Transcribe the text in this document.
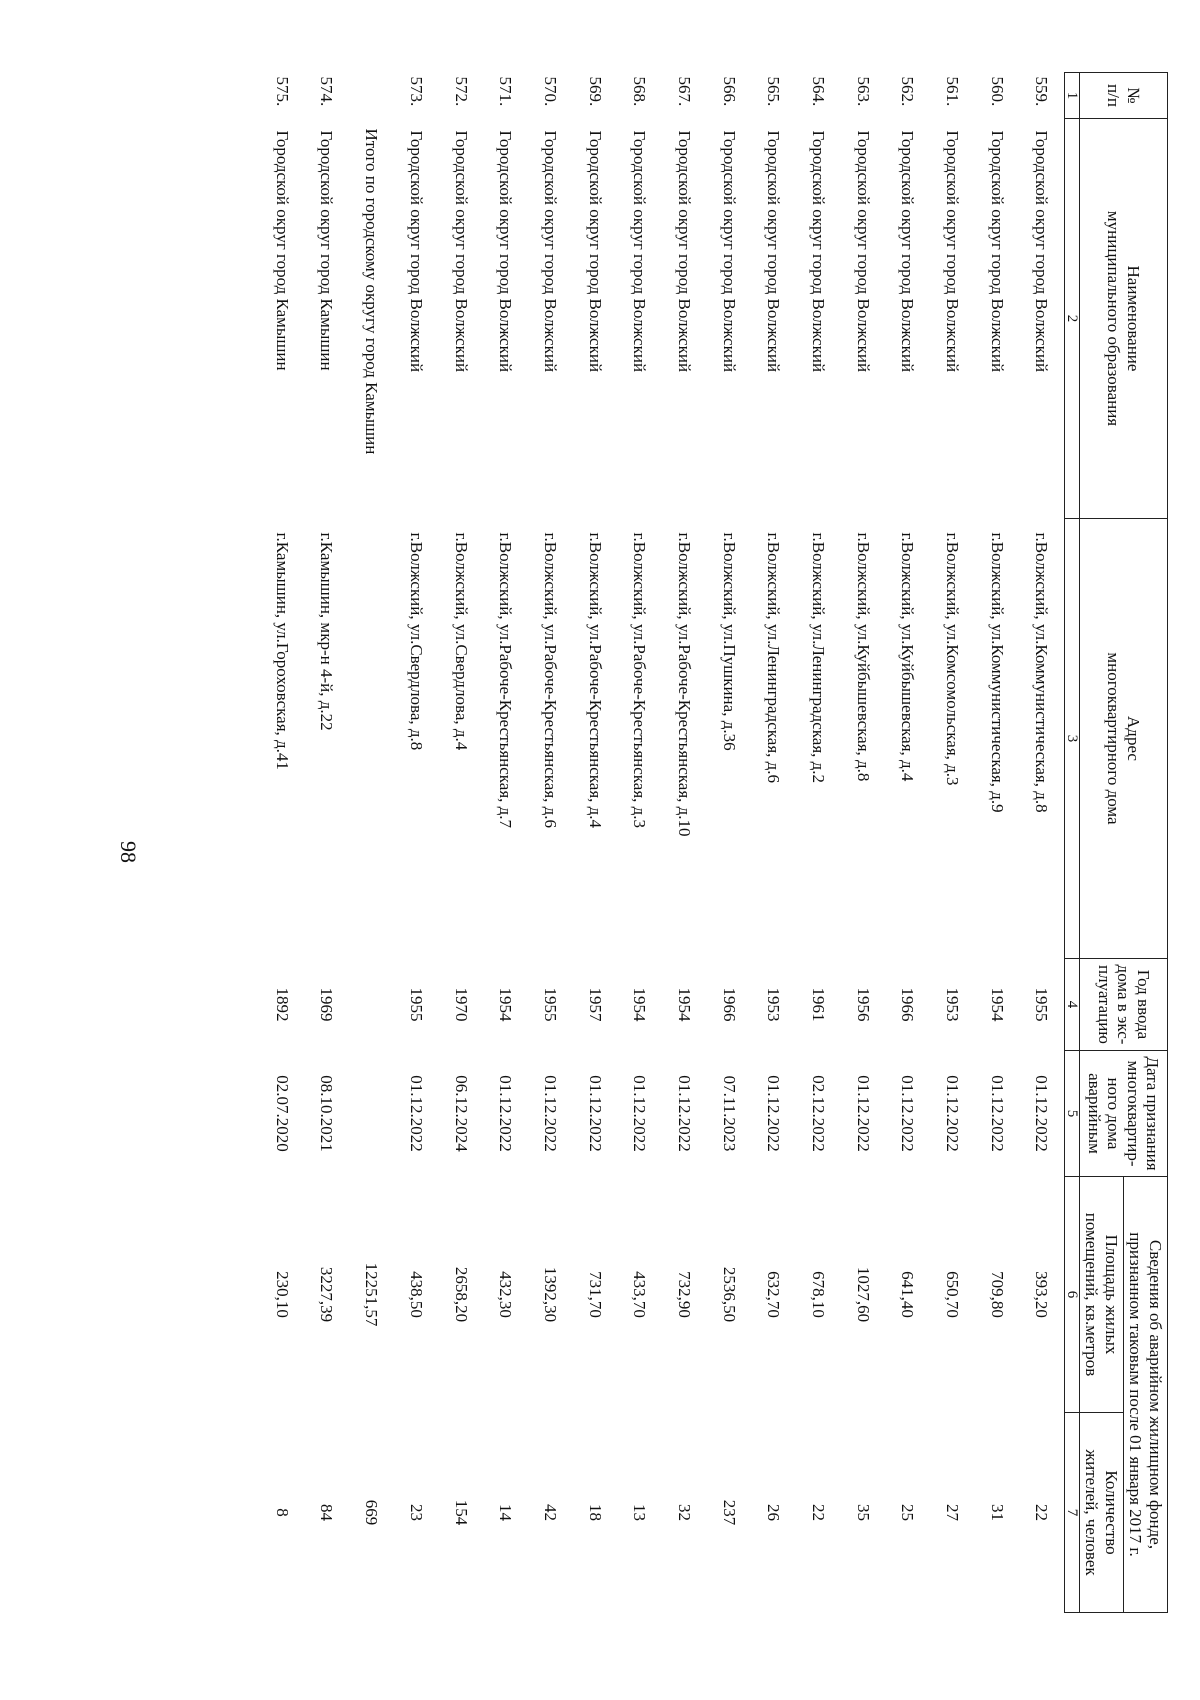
98
№
п/п	Наименование
муниципального образования	Адрес
многоквартирного дома	Год ввода
дома в экс-
плуатацию	Дата признания
многоквартир-
ного дома
аварийным	Сведения об аварийном жилищном фонде,
признанном таковым после 01 января 2017 г.	
					Площадь жилых
помещений, кв.метров	Количество
жителей, человек
1	2	3	4	5	6	7
559.	Городской округ город Волжский	г.Волжский, ул.Коммунистическая, д.8	1955	01.12.2022	393,20	22
560.	Городской округ город Волжский	г.Волжский, ул.Коммунистическая, д.9	1954	01.12.2022	709,80	31
561.	Городской округ город Волжский	г.Волжский, ул.Комсомольская, д.3	1953	01.12.2022	650,70	27
562.	Городской округ город Волжский	г.Волжский, ул.Куйбышевская, д.4	1966	01.12.2022	641,40	25
563.	Городской округ город Волжский	г.Волжский, ул.Куйбышевская, д.8	1956	01.12.2022	1027,60	35
564.	Городской округ город Волжский	г.Волжский, ул.Ленинградская, д.2	1961	02.12.2022	678,10	22
565.	Городской округ город Волжский	г.Волжский, ул.Ленинградская, д.6	1953	01.12.2022	632,70	26
566.	Городской округ город Волжский	г.Волжский, ул.Пушкина, д.36	1966	07.11.2023	2536,50	237
567.	Городской округ город Волжский	г.Волжский, ул.Рабоче-Крестьянская, д.10	1954	01.12.2022	732,90	32
568.	Городской округ город Волжский	г.Волжский, ул.Рабоче-Крестьянская, д.3	1954	01.12.2022	433,70	13
569.	Городской округ город Волжский	г.Волжский, ул.Рабоче-Крестьянская, д.4	1957	01.12.2022	731,70	18
570.	Городской округ город Волжский	г.Волжский, ул.Рабоче-Крестьянская, д.6	1955	01.12.2022	1392,30	42
571.	Городской округ город Волжский	г.Волжский, ул.Рабоче-Крестьянская, д.7	1954	01.12.2022	432,30	14
572.	Городской округ город Волжский	г.Волжский, ул.Свердлова, д.4	1970	06.12.2024	2658,20	154
573.	Городской округ город Волжский	г.Волжский, ул.Свердлова, д.8	1955	01.12.2022	438,50	23
	Итого по городскому округу город Камышин				12251,57	669
574.	Городской округ город Камышин	г.Камышин, мкр-н 4-й, д.22	1969	08.10.2021	3227,39	84
575.	Городской округ город Камышин	г.Камышин, ул.Гороховская, д.41	1892	02.07.2020	230,10	8
